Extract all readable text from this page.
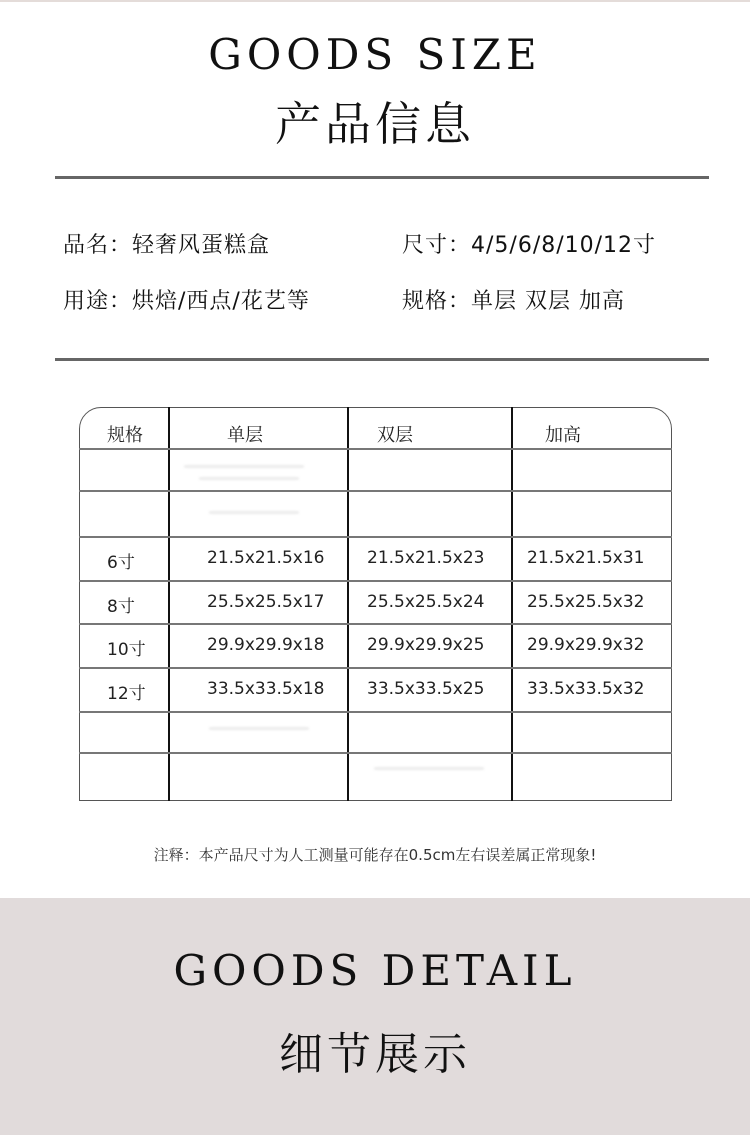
GOODS SIZE
产品信息
品名：轻奢风蛋糕盒	尺寸：4/5/6/8/10/12寸
用途：烘焙/西点/花艺等	规格：单层 双层 加高
规格	单层	双层	加高
6寸	21.5x21.5x16	21.5x21.5x23	21.5x21.5x31
8寸	25.5x25.5x17	25.5x25.5x24	25.5x25.5x32
10寸	29.9x29.9x18	29.9x29.9x25	29.9x29.9x32
12寸	33.5x33.5x18	33.5x33.5x25	33.5x33.5x32
注释：本产品尺寸为人工测量可能存在0.5cm左右误差属正常现象!
GOODS DETAIL
细节展示
